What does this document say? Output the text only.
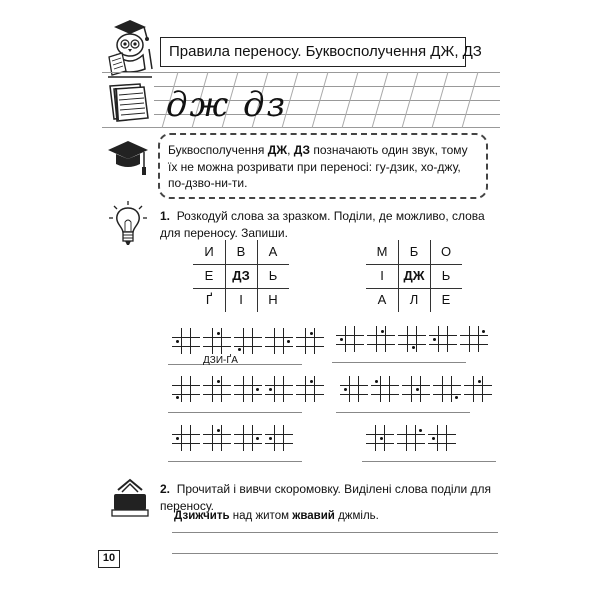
Правила переносу. Буквосполучення ДЖ, ДЗ
дж дз
Буквосполучення ДЖ, ДЗ позначають один звук, тому їх не можна розривати при переносі: гу-дзик, хо-джу, по-дзво-ни-ти.
1. Розкодуй слова за зразком. Поділи, де можливо, слова для переносу. Запиши.
И	В	А
Е	ДЗ	Ь
Ґ	І	Н
М	Б	О
І	ДЖ	Ь
А	Л	Е
ДЗИ-ҐА
2. Прочитай і вивчи скоромовку. Виділені слова поділи для переносу.
Дзижчить над житом жвавий джміль.
10
